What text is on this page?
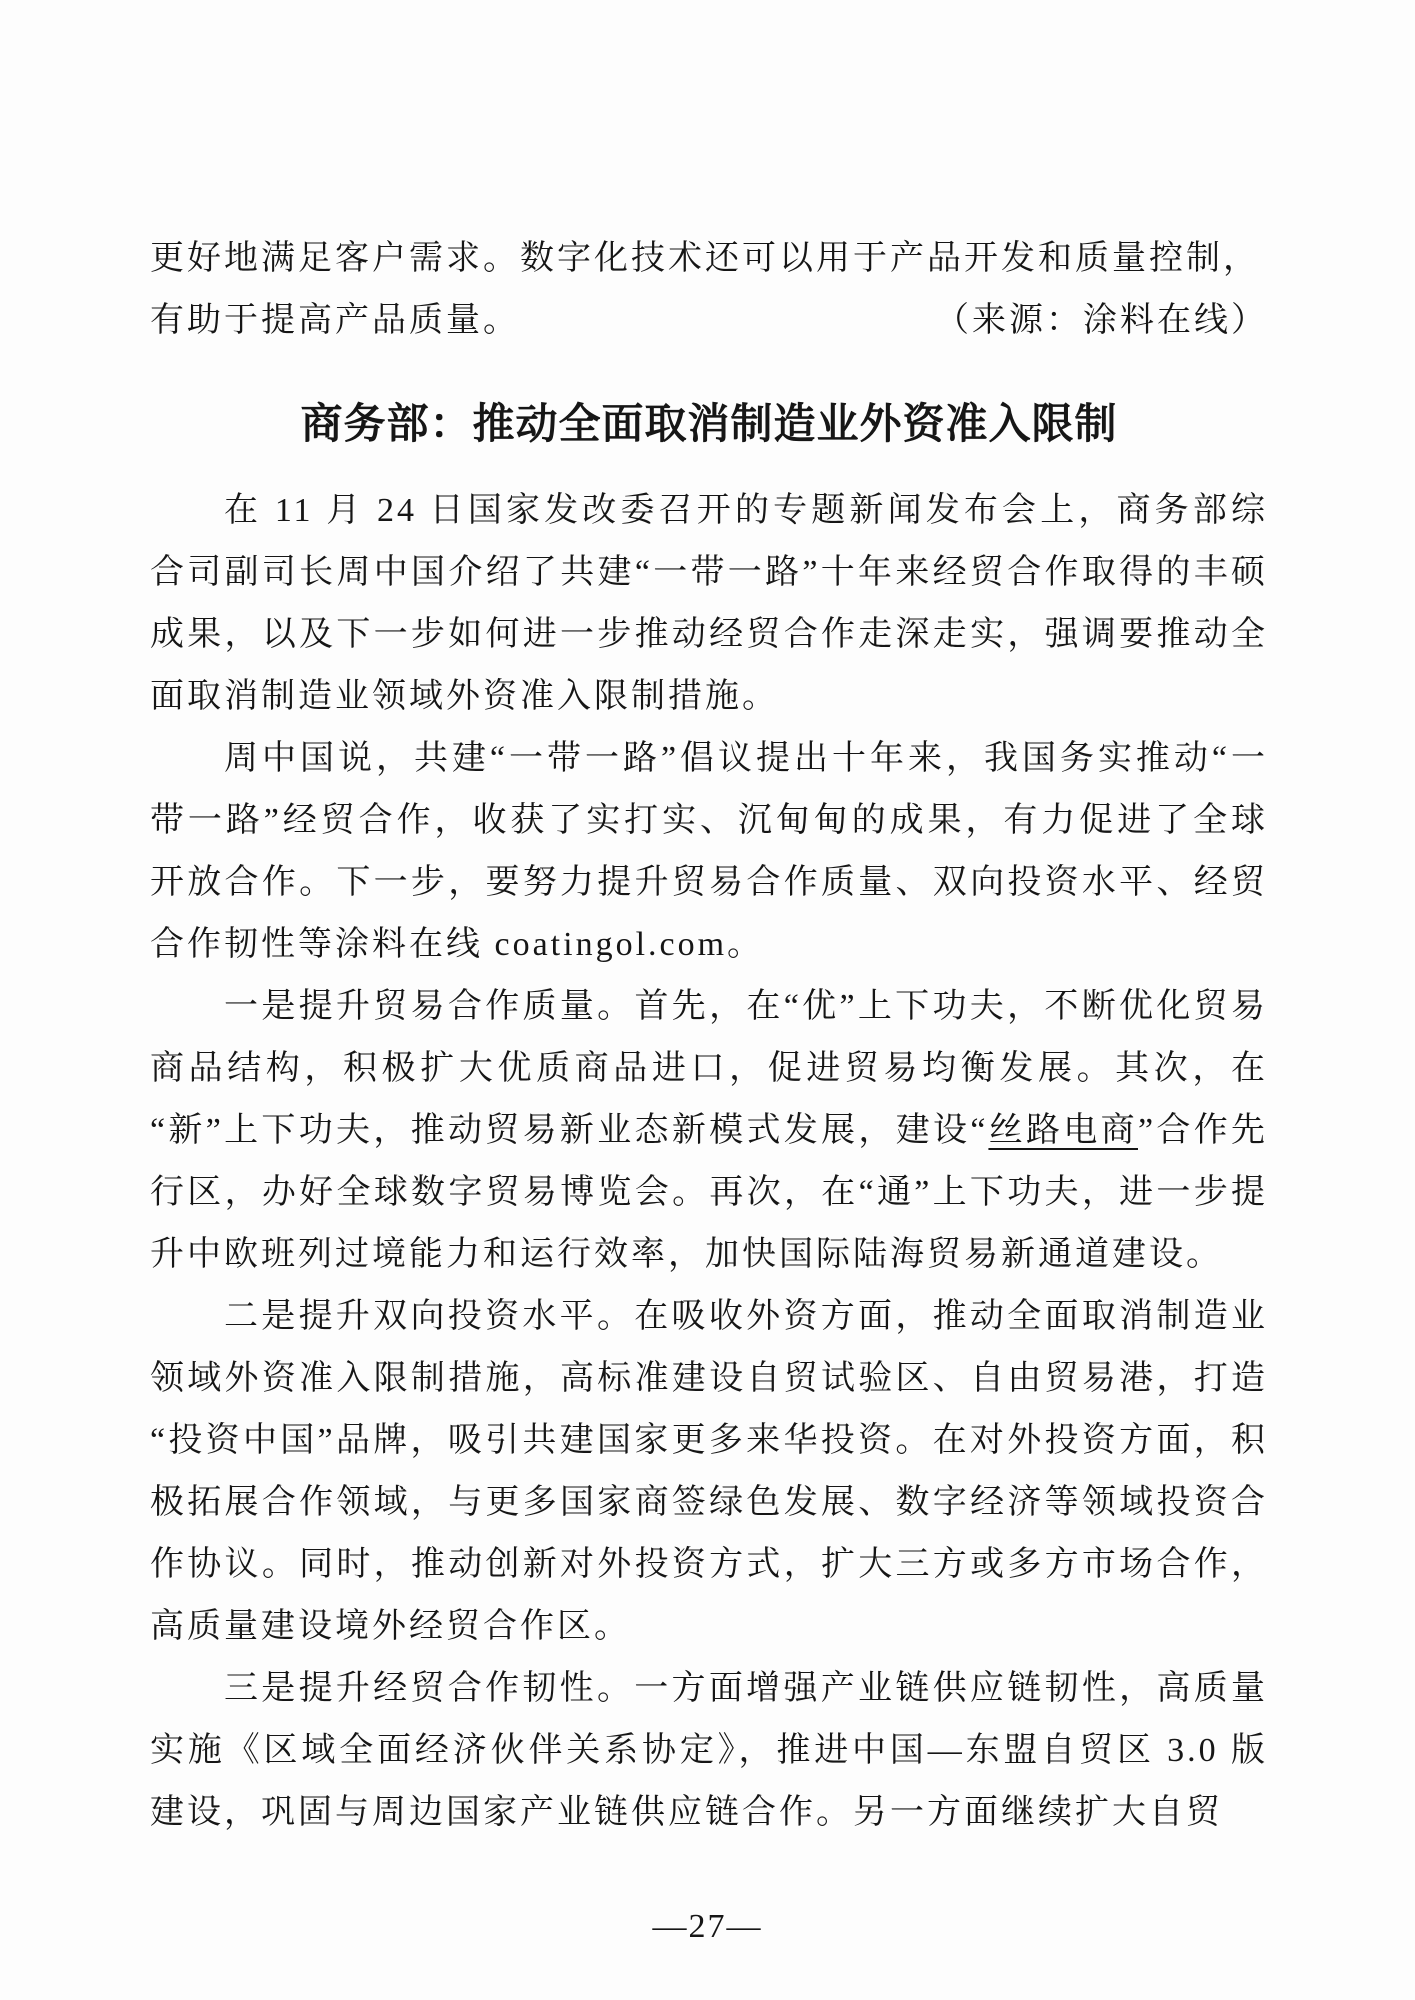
更好地满足客户需求。数字化技术还可以用于产品开发和质量控制，

有助于提高产品质量。	（来源：涂料在线）
商务部：推动全面取消制造业外资准入限制

在 11 月 24 日国家发改委召开的专题新闻发布会上，商务部综合司副司长周中国介绍了共建“一带一路”十年来经贸合作取得的丰硕成果，以及下一步如何进一步推动经贸合作走深走实，强调要推动全面取消制造业领域外资准入限制措施。

周中国说，共建“一带一路”倡议提出十年来，我国务实推动“一带一路”经贸合作，收获了实打实、沉甸甸的成果，有力促进了全球开放合作。下一步，要努力提升贸易合作质量、双向投资水平、经贸合作韧性等涂料在线 coatingol.com。

一是提升贸易合作质量。首先，在“优”上下功夫，不断优化贸易商品结构，积极扩大优质商品进口，促进贸易均衡发展。其次，在“新”上下功夫，推动贸易新业态新模式发展，建设“丝路电商”合作先行区，办好全球数字贸易博览会。再次，在“通”上下功夫，进一步提升中欧班列过境能力和运行效率，加快国际陆海贸易新通道建设。

二是提升双向投资水平。在吸收外资方面，推动全面取消制造业领域外资准入限制措施，高标准建设自贸试验区、自由贸易港，打造“投资中国”品牌，吸引共建国家更多来华投资。在对外投资方面，积极拓展合作领域，与更多国家商签绿色发展、数字经济等领域投资合作协议。同时，推动创新对外投资方式，扩大三方或多方市场合作，高质量建设境外经贸合作区。

三是提升经贸合作韧性。一方面增强产业链供应链韧性，高质量实施《区域全面经济伙伴关系协定》，推进中国—东盟自贸区 3.0 版建设，巩固与周边国家产业链供应链合作。另一方面继续扩大自贸

—27—
